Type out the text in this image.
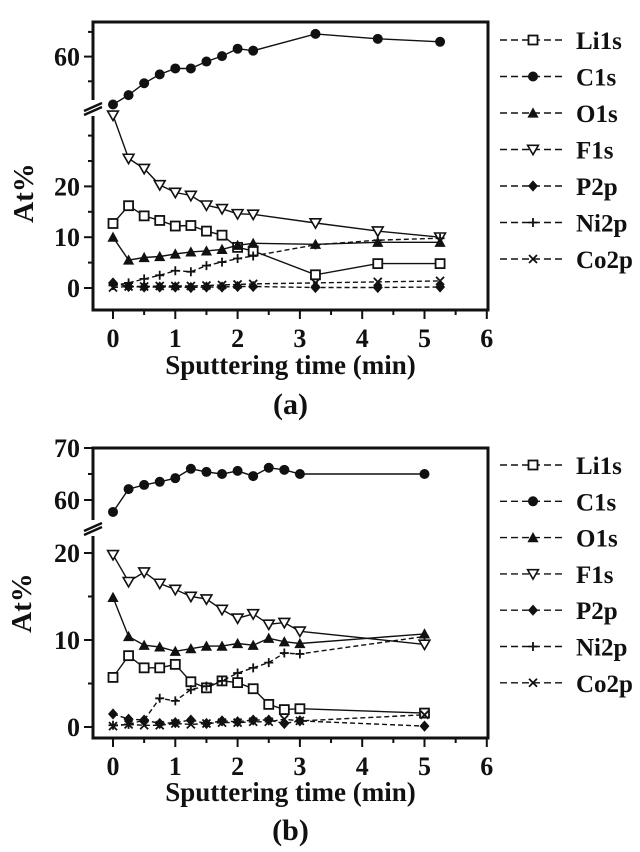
0 1 2 3 4 5 6
0
10
20
60
Li1s
C1s
O1s
F1s
P2p
Ni2p
Co2p
At%
Sputtering time (min)
(a)
0 1 2 3 4 5 6
0
10
20
60
70
Li1s
C1s
O1s
F1s
P2p
Ni2p
Co2p
At%
Sputtering time (min)
(b)
